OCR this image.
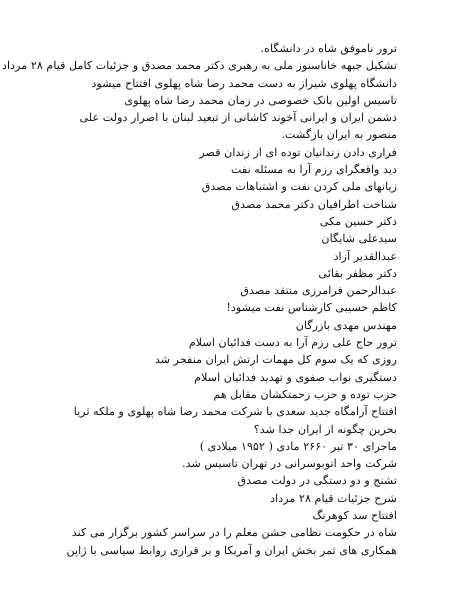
ترور ناموفق شاه در دانشگاه.
تشکیل جبهه خاناسنوز ملی به رهبری دکتر محمد مصدق و جزئیات کامل قیام ۲۸ مرداد
دانشگاه پهلوی شیراز به دست محمد رضا شاه پهلوی افتتاح میشود
تاسیس اولین بانک خصوصی در زمان محمد رضا شاه پهلوی
دشمن ایران و ایرانی آخوند کاشانی از تبعید لبنان با اصرار دولت علی منصور به ایران بازگشت.
فراری دادن زندانیان توده ای از زندان قصر
دید واقعگرای رزم آرا به مسئله نفت
زیانهای ملی کردن نفت و اشتباهات مصدق
شناخت اطرافیان دکتر محمد مصدق
دکتر حسین مکی
سیدعلی شایگان
عبدالقدیر آزاد
دکتر مظفر بقائی
عبدالرحمن فرامرزی منتقد مصدق
کاظم حسیبی کارشناس نفت میشود!
مهندس مهدی بازرگان
ترور حاج علی رزم آرا به دست فدائیان اسلام
روزی که یک سوم کل مهمات ارتش ایران منفجر شد
دستگیری نواب صفوی و تهدید فدائیان اسلام
حزب توده و حزب زحمتکشان مقابل هم
افتتاح آرامگاه جدید سعدی با شرکت محمد رضا شاه پهلوی و ملکه ثریا
بحرین چگونه از ایران جدا شد؟
ماجرای ۳۰ تیر ۲۶۶۰ مادی ( ۱۹۵۲ میلادی )
شرکت واحد اتوبوسرانی در تهران تاسیس شد.
تشنج و دو دستگی در دولت مصدق
شرح جزئیات قیام ۲۸ مرداد
افتتاح سد کوهرنگ
شاه در حکومت نظامی جشن معلم را در سراسر کشور برگزار می کند
همکاری های ثمر بخش ایران و آمریکا و بر قراری روابط سیاسی با ژاپن
